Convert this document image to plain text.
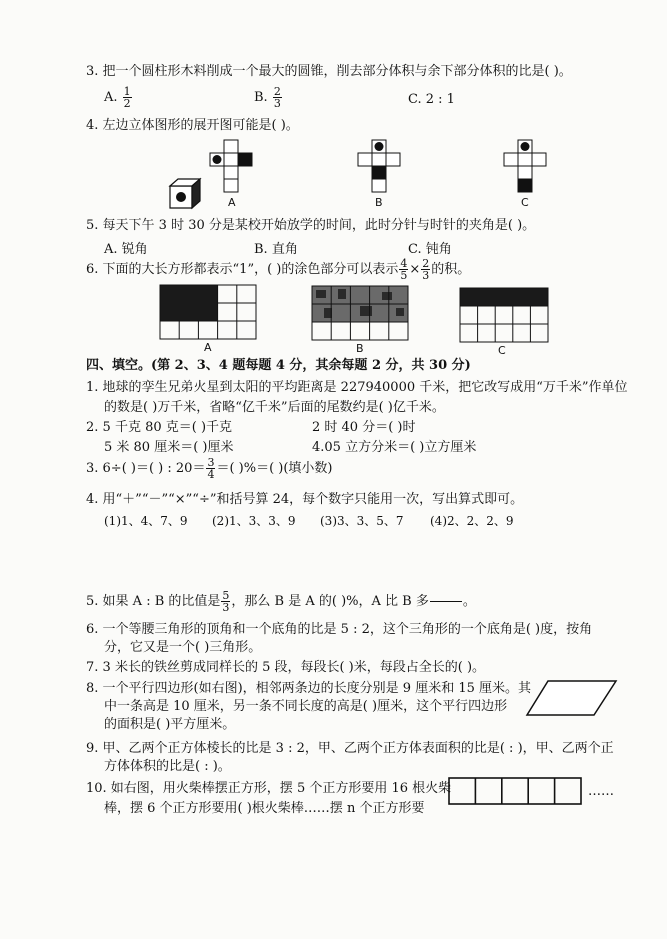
3. 把一个圆柱形木料削成一个最大的圆锥，削去部分体积与余下部分体积的比是( )。
A. $\frac{1}{2}$	B. $\frac{2}{3}$	C. 2 : 1
4. 左边立体图形的展开图可能是( )。
A	B	C
5. 每天下午 3 时 30 分是某校开始放学的时间，此时分针与时针的夹角是( )。
A. 锐角	B. 直角	C. 钝角
6. 下面的大长方形都表示“1”，( )的涂色部分可以表示 $\frac{4}{5} \times \frac{2}{3}$ 的积。
A	B	C
四、填空。(第 2、3、4 题每题 4 分，其余每题 2 分，共 30 分)
1. 地球的孪生兄弟火星到太阳的平均距离是 227940000 千米，把它改写成用“万千米”作单位
的数是( )万千米，省略“亿千米”后面的尾数约是( )亿千米。
2. 5 千克 80 克＝( )千克	2 时 40 分＝( )时
5 米 80 厘米＝( )厘米	4.05 立方分米＝( )立方厘米
3. 6÷( )＝( ) : $20= \frac{3}{4}$ ＝( )%＝( )(填小数)
4. 用“＋”“－”“×”“÷”和括号算 24，每个数字只能用一次，写出算式即可。
(1)1、4、7、9 (2)1、3、3、9 (3)3、3、5、7 (4)2、2、2、9
5. 如果 A : B 的比值是 $\frac{5}{3}$ ，那么 B 是 A 的( )%，A 比 B 多	。
6. 一个等腰三角形的顶角和一个底角的比是 5 : 2，这个三角形的一个底角是( )度，按角
分，它又是一个( )三角形。
7. 3 米长的铁丝剪成同样长的 5 段，每段长( )米，每段占全长的( )。
8. 一个平行四边形(如右图)，相邻两条边的长度分别是 9 厘米和 15 厘米。其
中一条高是 10 厘米，另一条不同长度的高是( )厘米，这个平行四边形
的面积是( )平方厘米。
9. 甲、乙两个正方体棱长的比是 3 : 2，甲、乙两个正方体表面积的比是( : )，甲、乙两个正
方体体积的比是( : )。
10. 如右图，用火柴棒摆正方形，摆 5 个正方形要用 16 根火柴
棒，摆 6 个正方形要用( )根火柴棒……摆 n 个正方形要
……
